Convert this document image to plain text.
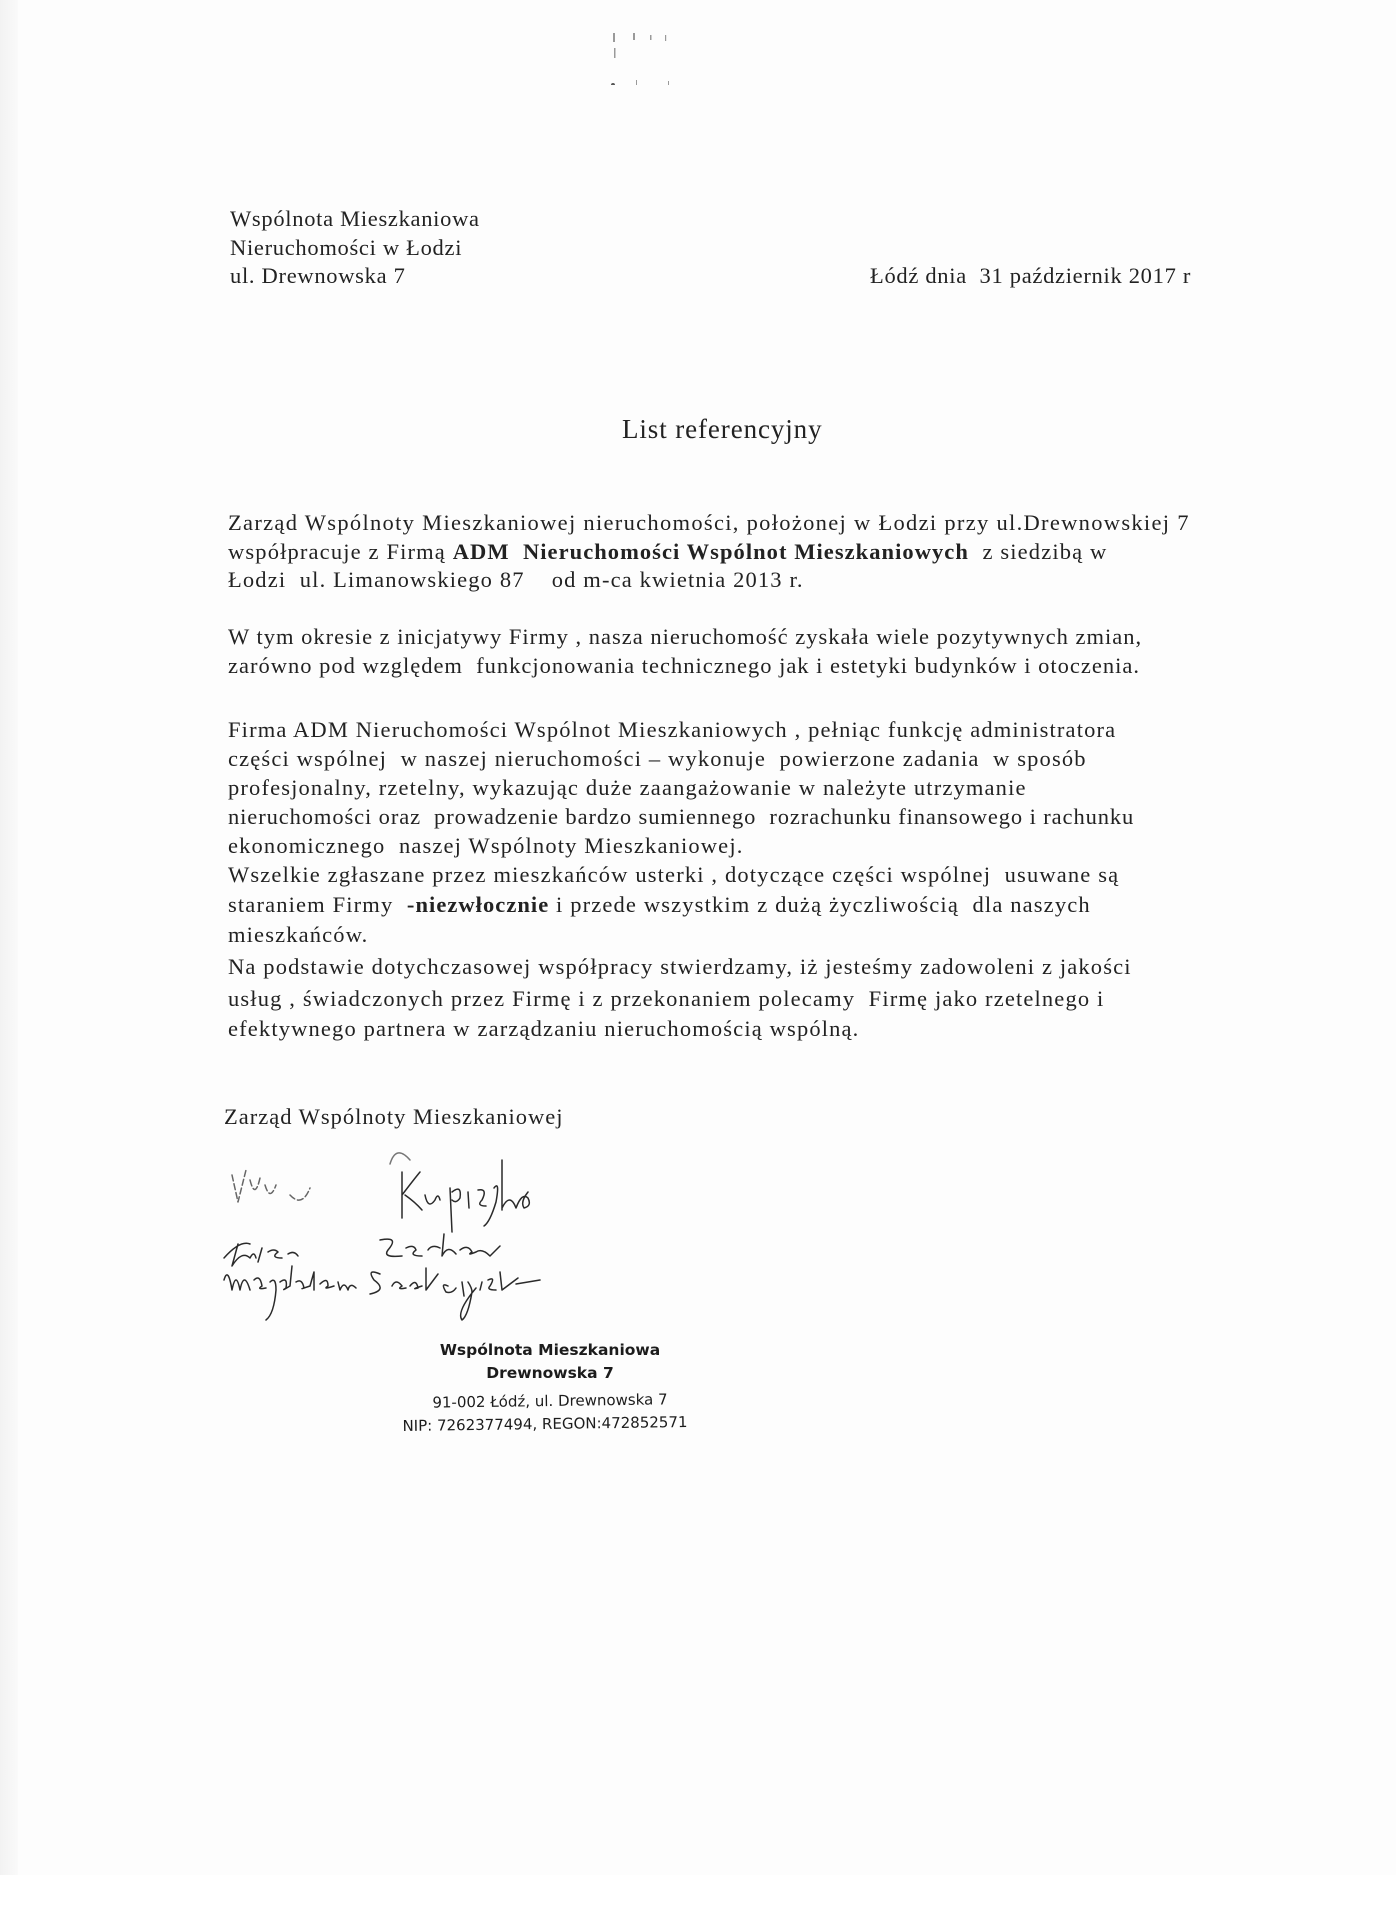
Wspólnota Mieszkaniowa
Nieruchomości w Łodzi
ul. Drewnowska 7	Łódź dnia  31 październik 2017 r
List referencyjny
Zarząd Wspólnoty Mieszkaniowej nieruchomości, położonej w Łodzi przy ul.Drewnowskiej 7
współpracuje z Firmą ADM  Nieruchomości Wspólnot Mieszkaniowych  z siedzibą w
Łodzi  ul. Limanowskiego 87    od m-ca kwietnia 2013 r.
W tym okresie z inicjatywy Firmy , nasza nieruchomość zyskała wiele pozytywnych zmian,
zarówno pod względem  funkcjonowania technicznego jak i estetyki budynków i otoczenia.
Firma ADM Nieruchomości Wspólnot Mieszkaniowych , pełniąc funkcję administratora
części wspólnej  w naszej nieruchomości – wykonuje  powierzone zadania  w sposób
profesjonalny, rzetelny, wykazując duże zaangażowanie w należyte utrzymanie
nieruchomości oraz  prowadzenie bardzo sumiennego  rozrachunku finansowego i rachunku
ekonomicznego  naszej Wspólnoty Mieszkaniowej.
Wszelkie zgłaszane przez mieszkańców usterki , dotyczące części wspólnej  usuwane są
staraniem Firmy  -niezwłocznie i przede wszystkim z dużą życzliwością  dla naszych
mieszkańców.
Na podstawie dotychczasowej współpracy stwierdzamy, iż jesteśmy zadowoleni z jakości
usług , świadczonych przez Firmę i z przekonaniem polecamy  Firmę jako rzetelnego i
efektywnego partnera w zarządzaniu nieruchomością wspólną.
Zarząd Wspólnoty Mieszkaniowej
Wspólnota Mieszkaniowa
Drewnowska 7
91-002 Łódź, ul. Drewnowska 7
NIP: 7262377494, REGON:472852571
